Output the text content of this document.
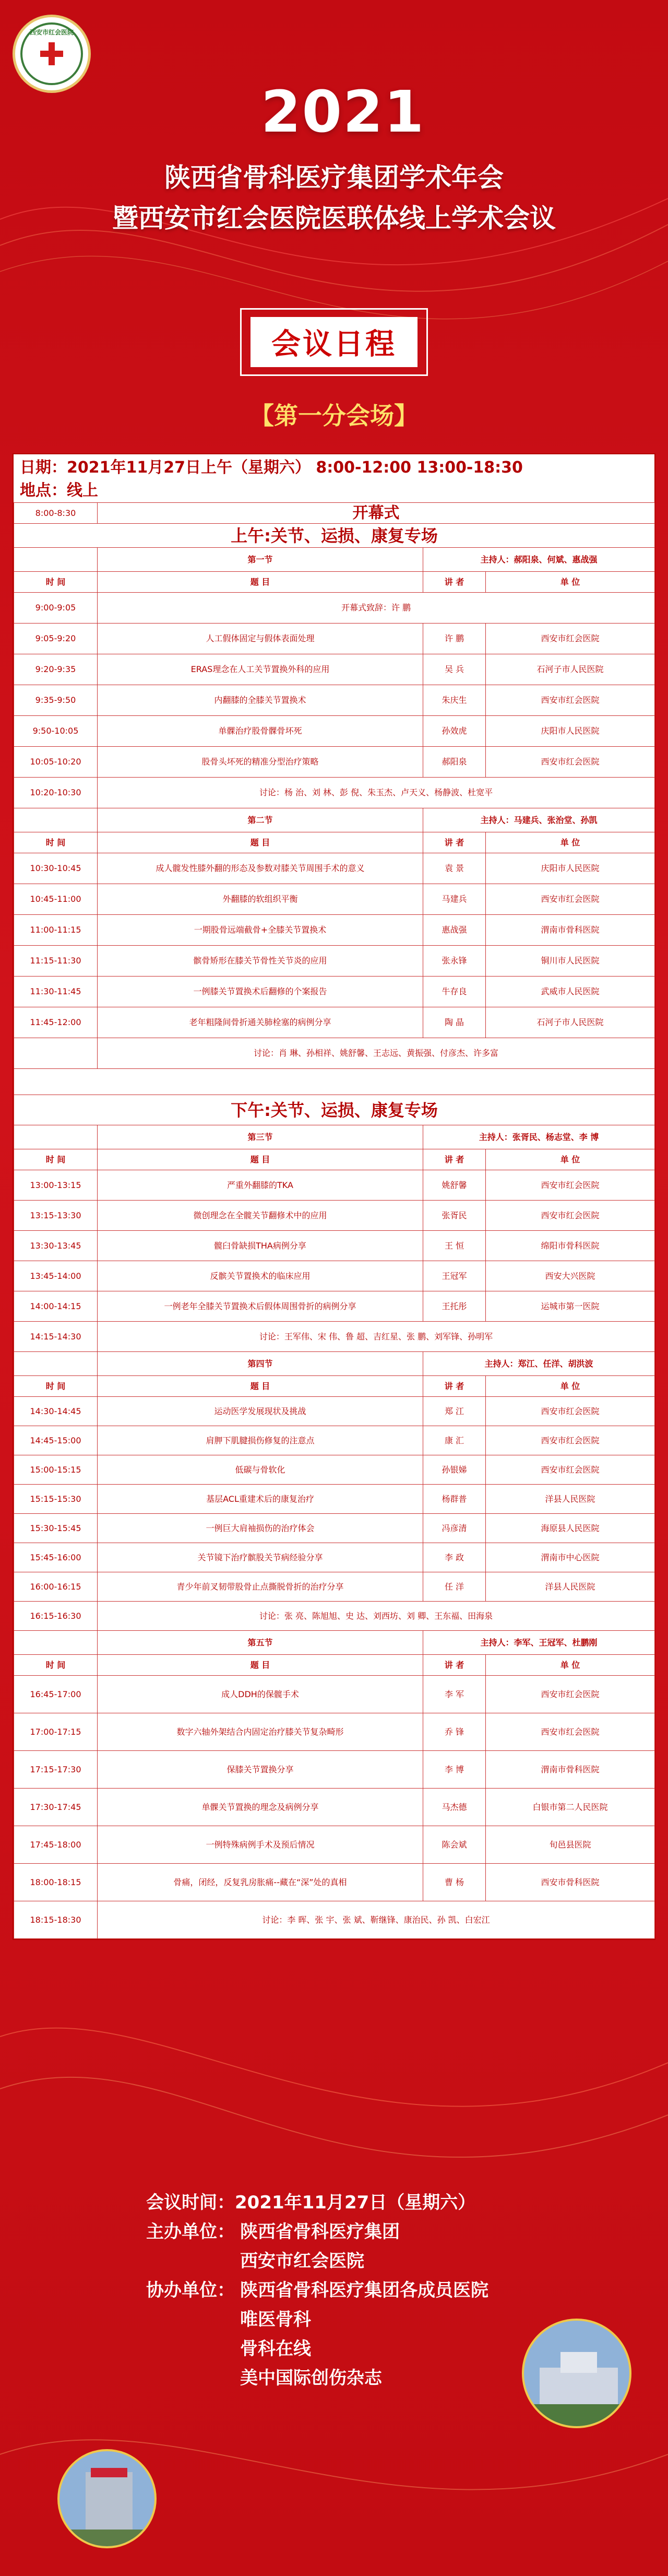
西安市红会医院
2021
陕西省骨科医疗集团学术年会
暨西安市红会医院医联体线上学术会议
会议日程
【第一分会场】
日期：2021年11月27日上午（星期六） 8:00-12:00 13:00-18:30
地点：线上
8:00-8:30	开幕式		
上午:关节、运损、康复专场			
	第一节	主持人：郝阳泉、何斌、惠战强	
时 间	题 目	讲 者	单 位
9:00-9:05	开幕式致辞：许 鹏		
9:05-9:20	人工假体固定与假体表面处理	许 鹏	西安市红会医院
9:20-9:35	ERAS理念在人工关节置换外科的应用	吴 兵	石河子市人民医院
9:35-9:50	内翻膝的全膝关节置换术	朱庆生	西安市红会医院
9:50-10:05	单髁治疗股骨髁骨坏死	孙效虎	庆阳市人民医院
10:05-10:20	股骨头坏死的精准分型治疗策略	郝阳泉	西安市红会医院
10:20-10:30	讨论：杨 治、刘 林、彭 倪、朱玉杰、卢天义、杨静波、杜宽平		
	第二节	主持人：马建兵、张治堂、孙凯	
时 间	题 目	讲 者	单 位
10:30-10:45	成人髋发性膝外翻的形态及参数对膝关节周围手术的意义	袁 景	庆阳市人民医院
10:45-11:00	外翻膝的软组织平衡	马建兵	西安市红会医院
11:00-11:15	一期股骨远端截骨+全膝关节置换术	惠战强	渭南市骨科医院
11:15-11:30	髌骨矫形在膝关节骨性关节炎的应用	张永锋	铜川市人民医院
11:30-11:45	一例膝关节置换术后翻修的个案报告	牛存良	武威市人民医院
11:45-12:00	老年粗隆间骨折通关肺栓塞的病例分享	陶 晶	石河子市人民医院
	讨论：肖 琳、孙相祥、姚舒馨、王志远、黄振强、付彦杰、许多富		

下午:关节、运损、康复专场			
	第三节	主持人：张胥民、杨志堂、李 博	
时 间	题 目	讲 者	单 位
13:00-13:15	严重外翻膝的TKA	姚舒馨	西安市红会医院
13:15-13:30	微创理念在全髋关节翻修术中的应用	张胥民	西安市红会医院
13:30-13:45	髋臼骨缺损THA病例分享	王 恒	绵阳市骨科医院
13:45-14:00	反髌关节置换术的临床应用	王冠军	西安大兴医院
14:00-14:15	一例老年全膝关节置换术后假体周围骨折的病例分享	王托彤	运城市第一医院
14:15-14:30	讨论：王军伟、宋 伟、鲁 超、吉红星、张 鹏、刘军锋、孙明军		
	第四节	主持人：郑江、任洋、胡洪波	
时 间	题 目	讲 者	单 位
14:30-14:45	运动医学发展现状及挑战	郑 江	西安市红会医院
14:45-15:00	肩胛下肌腱损伤修复的注意点	康 汇	西安市红会医院
15:00-15:15	低碳与骨软化	孙银娣	西安市红会医院
15:15-15:30	基层ACL重建术后的康复治疗	杨群普	洋县人民医院
15:30-15:45	一例巨大肩袖损伤的治疗体会	冯彦清	海原县人民医院
15:45-16:00	关节镜下治疗髌股关节病经验分享	李 政	渭南市中心医院
16:00-16:15	青少年前叉韧带股骨止点撕脱骨折的治疗分享	任 洋	洋县人民医院
16:15-16:30	讨论：张 亮、陈旭旭、史 达、刘西坊、刘 卿、王东福、田海泉		
	第五节	主持人：李军、王冠军、杜鹏刚	
时 间	题 目	讲 者	单 位
16:45-17:00	成人DDH的保髋手术	李 军	西安市红会医院
17:00-17:15	数字六轴外架结合内固定治疗膝关节复杂畸形	乔 锋	西安市红会医院
17:15-17:30	保膝关节置换分享	李 博	渭南市骨科医院
17:30-17:45	单髁关节置换的理念及病例分享	马杰德	白银市第二人民医院
17:45-18:00	一例特殊病例手术及预后情况	陈会斌	旬邑县医院
18:00-18:15	骨痛，闭经，反复乳房胀痛--藏在“深”处的真相	曹 杨	西安市骨科医院
18:15-18:30	讨论：李 晖、张 宇、张 斌、靳继锋、康治民、孙 凯、白宏江		
会议时间：2021年11月27日（星期六）
主办单位： 陕西省骨科医疗集团
西安市红会医院
协办单位： 陕西省骨科医疗集团各成员医院
唯医骨科
骨科在线
美中国际创伤杂志
